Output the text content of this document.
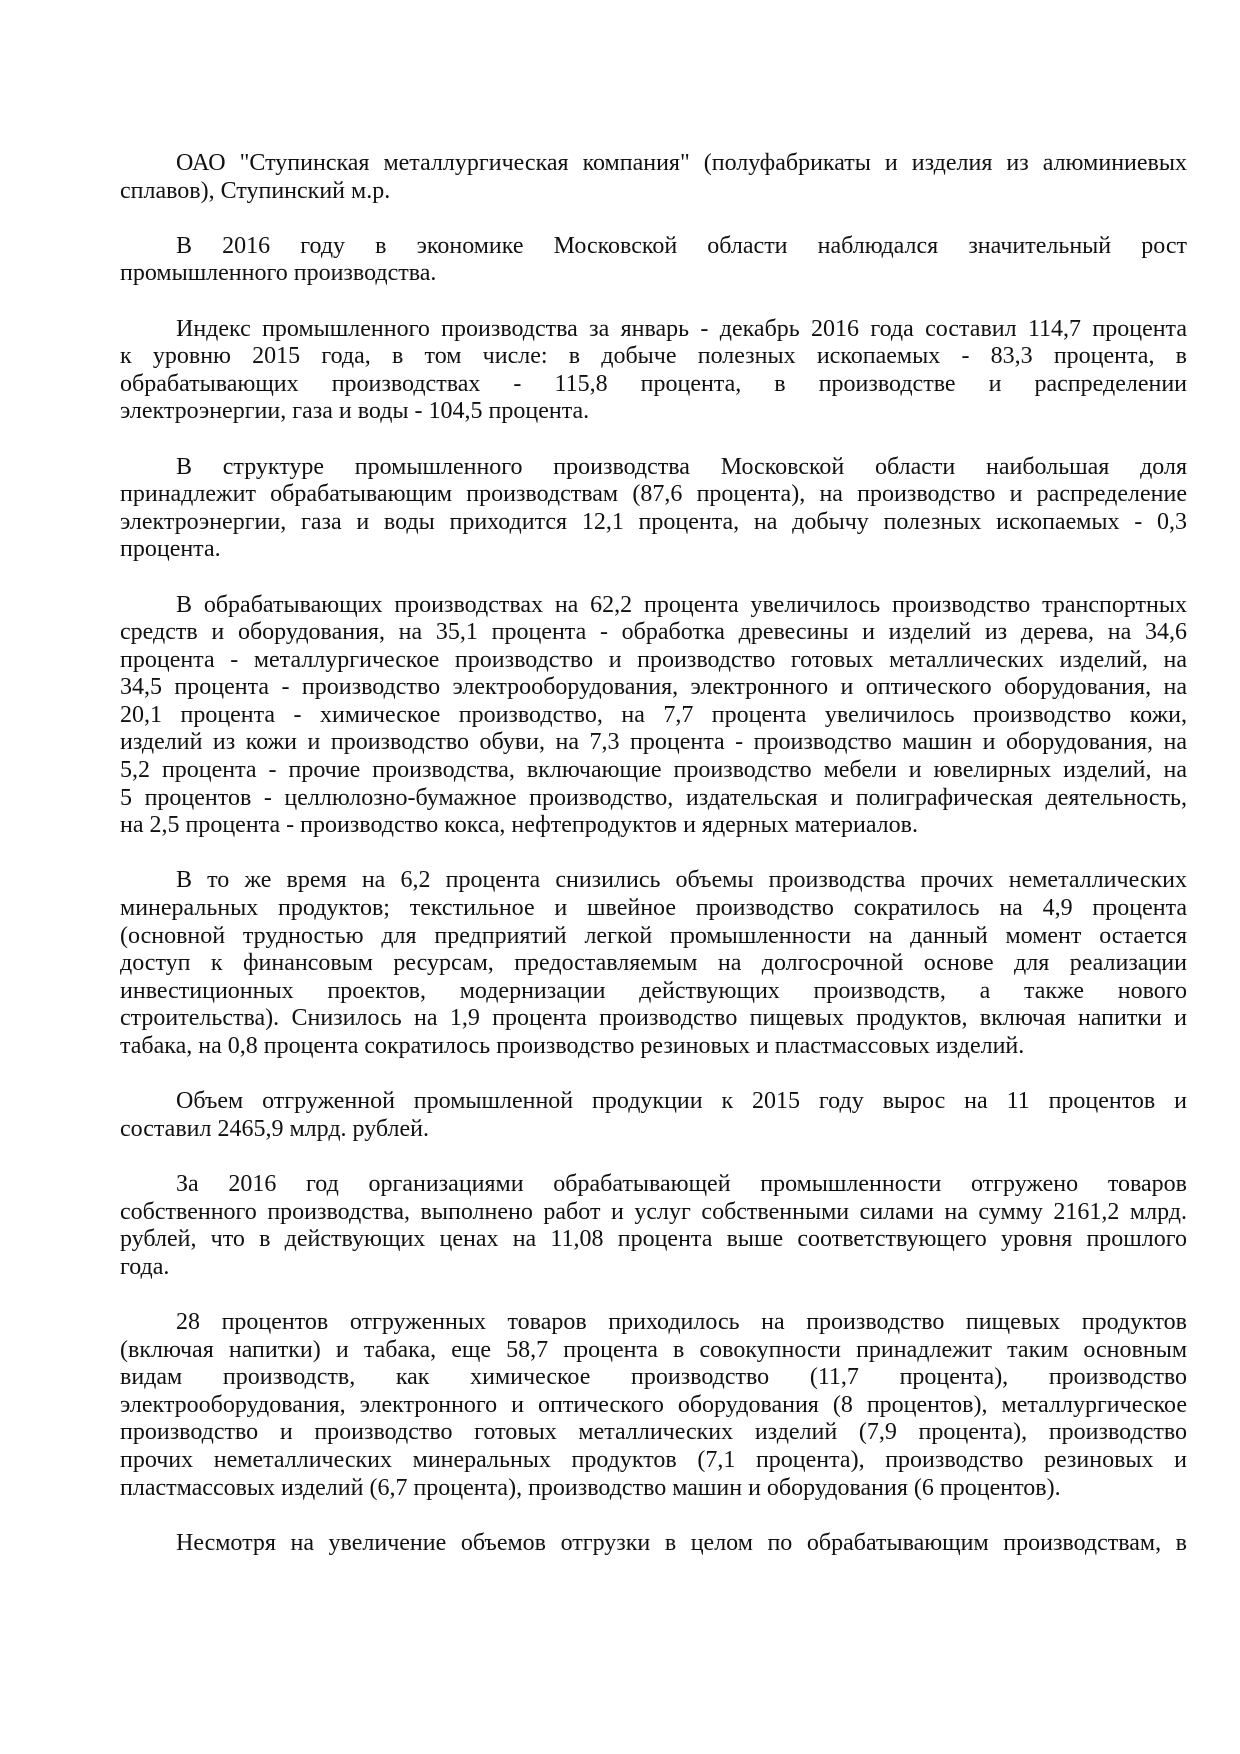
ОАО "Ступинская металлургическая компания" (полуфабрикаты и изделия из алюминиевых
сплавов), Ступинский м.р.
В 2016 году в экономике Московской области наблюдался значительный рост
промышленного производства.
Индекс промышленного производства за январь - декабрь 2016 года составил 114,7 процента
к уровню 2015 года, в том числе: в добыче полезных ископаемых - 83,3 процента, в
обрабатывающих производствах - 115,8 процента, в производстве и распределении
электроэнергии, газа и воды - 104,5 процента.
В структуре промышленного производства Московской области наибольшая доля
принадлежит обрабатывающим производствам (87,6 процента), на производство и распределение
электроэнергии, газа и воды приходится 12,1 процента, на добычу полезных ископаемых - 0,3
процента.
В обрабатывающих производствах на 62,2 процента увеличилось производство транспортных
средств и оборудования, на 35,1 процента - обработка древесины и изделий из дерева, на 34,6
процента - металлургическое производство и производство готовых металлических изделий, на
34,5 процента - производство электрооборудования, электронного и оптического оборудования, на
20,1 процента - химическое производство, на 7,7 процента увеличилось производство кожи,
изделий из кожи и производство обуви, на 7,3 процента - производство машин и оборудования, на
5,2 процента - прочие производства, включающие производство мебели и ювелирных изделий, на
5 процентов - целлюлозно-бумажное производство, издательская и полиграфическая деятельность,
на 2,5 процента - производство кокса, нефтепродуктов и ядерных материалов.
В то же время на 6,2 процента снизились объемы производства прочих неметаллических
минеральных продуктов; текстильное и швейное производство сократилось на 4,9 процента
(основной трудностью для предприятий легкой промышленности на данный момент остается
доступ к финансовым ресурсам, предоставляемым на долгосрочной основе для реализации
инвестиционных проектов, модернизации действующих производств, а также нового
строительства). Снизилось на 1,9 процента производство пищевых продуктов, включая напитки и
табака, на 0,8 процента сократилось производство резиновых и пластмассовых изделий.
Объем отгруженной промышленной продукции к 2015 году вырос на 11 процентов и
составил 2465,9 млрд. рублей.
За 2016 год организациями обрабатывающей промышленности отгружено товаров
собственного производства, выполнено работ и услуг собственными силами на сумму 2161,2 млрд.
рублей, что в действующих ценах на 11,08 процента выше соответствующего уровня прошлого
года.
28 процентов отгруженных товаров приходилось на производство пищевых продуктов
(включая напитки) и табака, еще 58,7 процента в совокупности принадлежит таким основным
видам производств, как химическое производство (11,7 процента), производство
электрооборудования, электронного и оптического оборудования (8 процентов), металлургическое
производство и производство готовых металлических изделий (7,9 процента), производство
прочих неметаллических минеральных продуктов (7,1 процента), производство резиновых и
пластмассовых изделий (6,7 процента), производство машин и оборудования (6 процентов).
Несмотря на увеличение объемов отгрузки в целом по обрабатывающим производствам, в
